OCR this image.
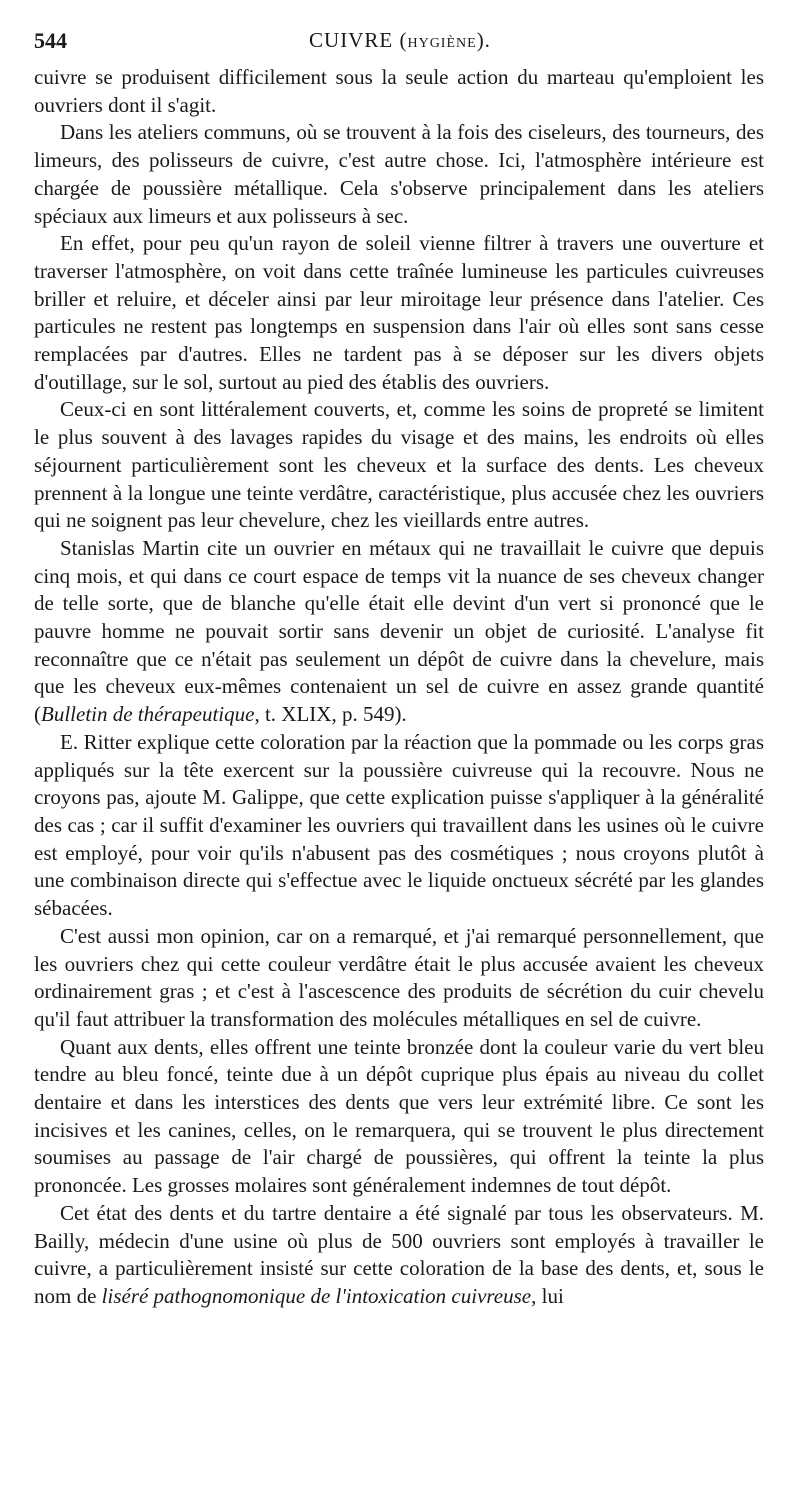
544	CUIVRE (HYGIÈNE).

cuivre se produisent difficilement sous la seule action du marteau qu'emploient les ouvriers dont il s'agit.

Dans les ateliers communs, où se trouvent à la fois des ciseleurs, des tourneurs, des limeurs, des polisseurs de cuivre, c'est autre chose. Ici, l'atmosphère intérieure est chargée de poussière métallique. Cela s'observe principalement dans les ateliers spéciaux aux limeurs et aux polisseurs à sec.

En effet, pour peu qu'un rayon de soleil vienne filtrer à travers une ouverture et traverser l'atmosphère, on voit dans cette traînée lumineuse les particules cuivreuses briller et reluire, et déceler ainsi par leur miroitage leur présence dans l'atelier. Ces particules ne restent pas longtemps en suspension dans l'air où elles sont sans cesse remplacées par d'autres. Elles ne tardent pas à se déposer sur les divers objets d'outillage, sur le sol, surtout au pied des établis des ouvriers.

Ceux-ci en sont littéralement couverts, et, comme les soins de propreté se limitent le plus souvent à des lavages rapides du visage et des mains, les endroits où elles séjournent particulièrement sont les cheveux et la surface des dents. Les cheveux prennent à la longue une teinte verdâtre, caractéristique, plus accusée chez les ouvriers qui ne soignent pas leur chevelure, chez les vieillards entre autres.

Stanislas Martin cite un ouvrier en métaux qui ne travaillait le cuivre que depuis cinq mois, et qui dans ce court espace de temps vit la nuance de ses cheveux changer de telle sorte, que de blanche qu'elle était elle devint d'un vert si prononcé que le pauvre homme ne pouvait sortir sans devenir un objet de curiosité. L'analyse fit reconnaître que ce n'était pas seulement un dépôt de cuivre dans la chevelure, mais que les cheveux eux-mêmes contenaient un sel de cuivre en assez grande quantité (Bulletin de thérapeutique, t. XLIX, p. 549).

E. Ritter explique cette coloration par la réaction que la pommade ou les corps gras appliqués sur la tête exercent sur la poussière cuivreuse qui la recouvre. Nous ne croyons pas, ajoute M. Galippe, que cette explication puisse s'appliquer à la généralité des cas ; car il suffit d'examiner les ouvriers qui travaillent dans les usines où le cuivre est employé, pour voir qu'ils n'abusent pas des cosmétiques ; nous croyons plutôt à une combinaison directe qui s'effectue avec le liquide onctueux sécrété par les glandes sébacées.

C'est aussi mon opinion, car on a remarqué, et j'ai remarqué personnellement, que les ouvriers chez qui cette couleur verdâtre était le plus accusée avaient les cheveux ordinairement gras ; et c'est à l'ascescence des produits de sécrétion du cuir chevelu qu'il faut attribuer la transformation des molécules métalliques en sel de cuivre.

Quant aux dents, elles offrent une teinte bronzée dont la couleur varie du vert bleu tendre au bleu foncé, teinte due à un dépôt cuprique plus épais au niveau du collet dentaire et dans les interstices des dents que vers leur extrémité libre. Ce sont les incisives et les canines, celles, on le remarquera, qui se trouvent le plus directement soumises au passage de l'air chargé de poussières, qui offrent la teinte la plus prononcée. Les grosses molaires sont généralement indemnes de tout dépôt.

Cet état des dents et du tartre dentaire a été signalé par tous les observateurs. M. Bailly, médecin d'une usine où plus de 500 ouvriers sont employés à travailler le cuivre, a particulièrement insisté sur cette coloration de la base des dents, et, sous le nom de liséré pathognomonique de l'intoxication cuivreuse, lui
